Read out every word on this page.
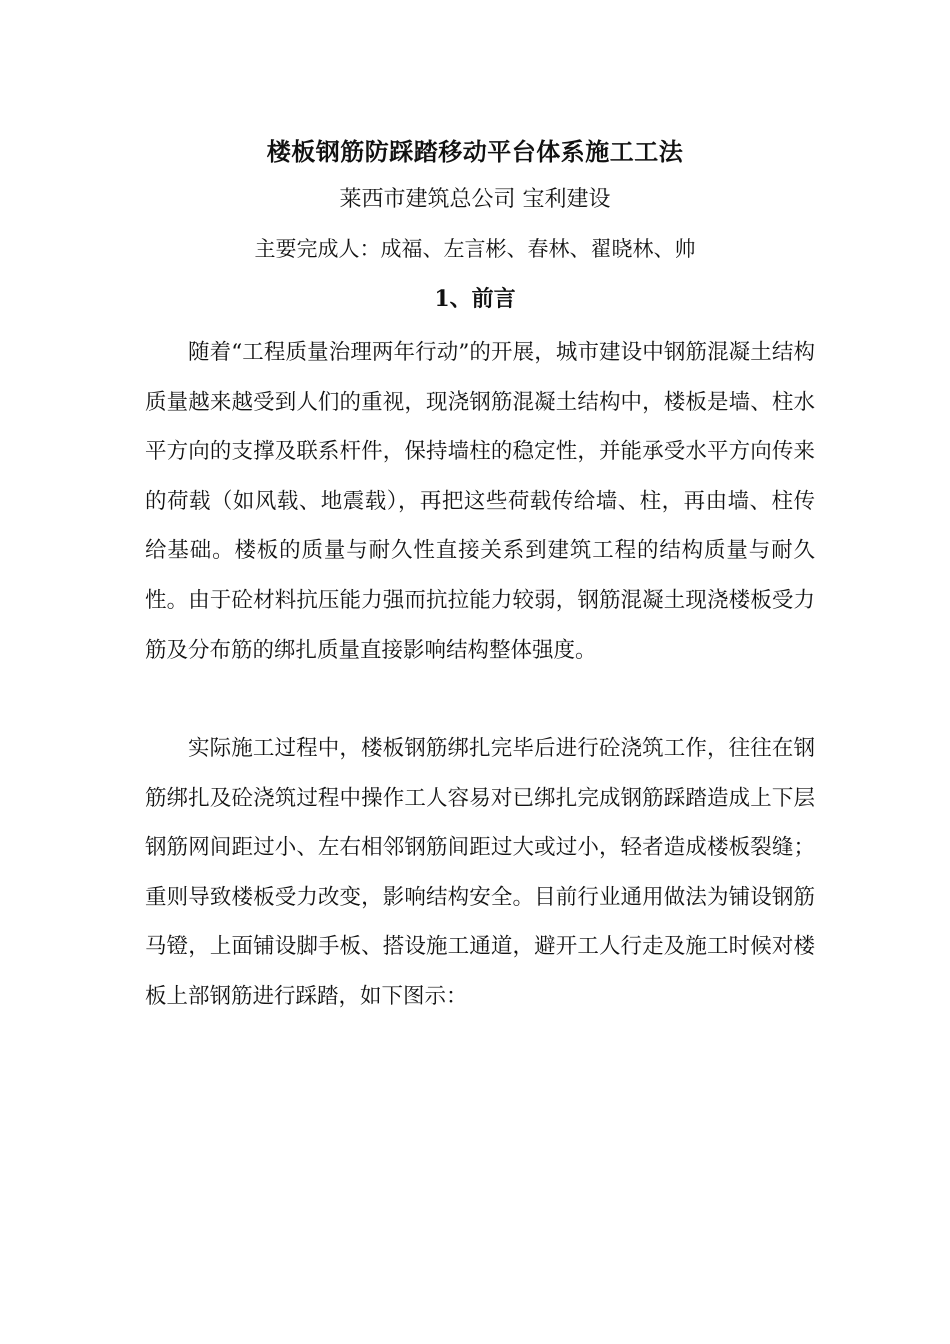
楼板钢筋防踩踏移动平台体系施工工法
莱西市建筑总公司 宝利建设
主要完成人：成福、左言彬、春林、翟晓林、帅
1、前言

随着“工程质量治理两年行动”的开展，城市建设中钢筋混凝土结构质量越来越受到人们的重视，现浇钢筋混凝土结构中，楼板是墙、柱水平方向的支撑及联系杆件，保持墙柱的稳定性，并能承受水平方向传来的荷载（如风载、地震载），再把这些荷载传给墙、柱，再由墙、柱传给基础。楼板的质量与耐久性直接关系到建筑工程的结构质量与耐久性。由于砼材料抗压能力强而抗拉能力较弱，钢筋混凝土现浇楼板受力筋及分布筋的绑扎质量直接影响结构整体强度。

实际施工过程中，楼板钢筋绑扎完毕后进行砼浇筑工作，往往在钢筋绑扎及砼浇筑过程中操作工人容易对已绑扎完成钢筋踩踏造成上下层钢筋网间距过小、左右相邻钢筋间距过大或过小，轻者造成楼板裂缝；重则导致楼板受力改变，影响结构安全。目前行业通用做法为铺设钢筋马镫，上面铺设脚手板、搭设施工通道，避开工人行走及施工时候对楼板上部钢筋进行踩踏，如下图示：
